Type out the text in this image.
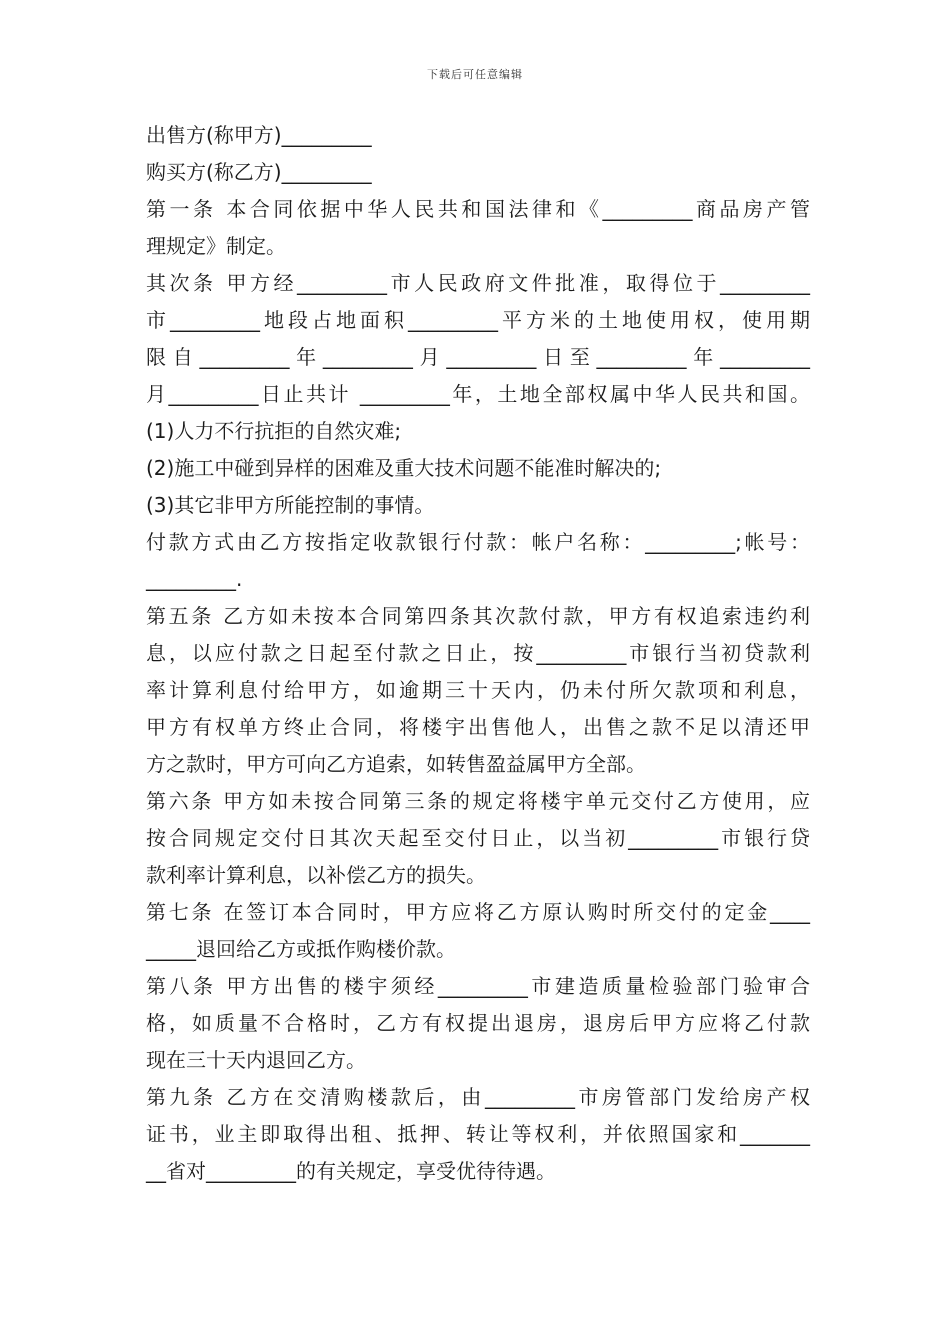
下载后可任意编辑
出售方(称甲方)_________
购买方(称乙方)_________
第一条 本合同依据中华人民共和国法律和《_________商品房产管
理规定》制定。
其次条 甲方经_________市人民政府文件批准，取得位于_________
市_________地段占地面积_________平方米的土地使用权，使用期
限自_________年_________月_________日至_________年_________
月_________日止共计 _________年，土地全部权属中华人民共和国。
(1)人力不行抗拒的自然灾难;
(2)施工中碰到异样的困难及重大技术问题不能准时解决的;
(3)其它非甲方所能控制的事情。
付款方式由乙方按指定收款银行付款：帐户名称：_________;帐号：
_________.
第五条 乙方如未按本合同第四条其次款付款，甲方有权追索违约利
息，以应付款之日起至付款之日止，按_________市银行当初贷款利
率计算利息付给甲方，如逾期三十天内，仍未付所欠款项和利息，
甲方有权单方终止合同，将楼宇出售他人，出售之款不足以清还甲
方之款时，甲方可向乙方追索，如转售盈益属甲方全部。
第六条 甲方如未按合同第三条的规定将楼宇单元交付乙方使用，应
按合同规定交付日其次天起至交付日止，以当初_________市银行贷
款利率计算利息，以补偿乙方的损失。
第七条 在签订本合同时，甲方应将乙方原认购时所交付的定金____
_____退回给乙方或抵作购楼价款。
第八条 甲方出售的楼宇须经_________市建造质量检验部门验审合
格，如质量不合格时，乙方有权提出退房，退房后甲方应将乙付款
现在三十天内退回乙方。
第九条 乙方在交清购楼款后，由_________市房管部门发给房产权
证书，业主即取得出租、抵押、转让等权利，并依照国家和_______
__省对_________的有关规定，享受优待待遇。
